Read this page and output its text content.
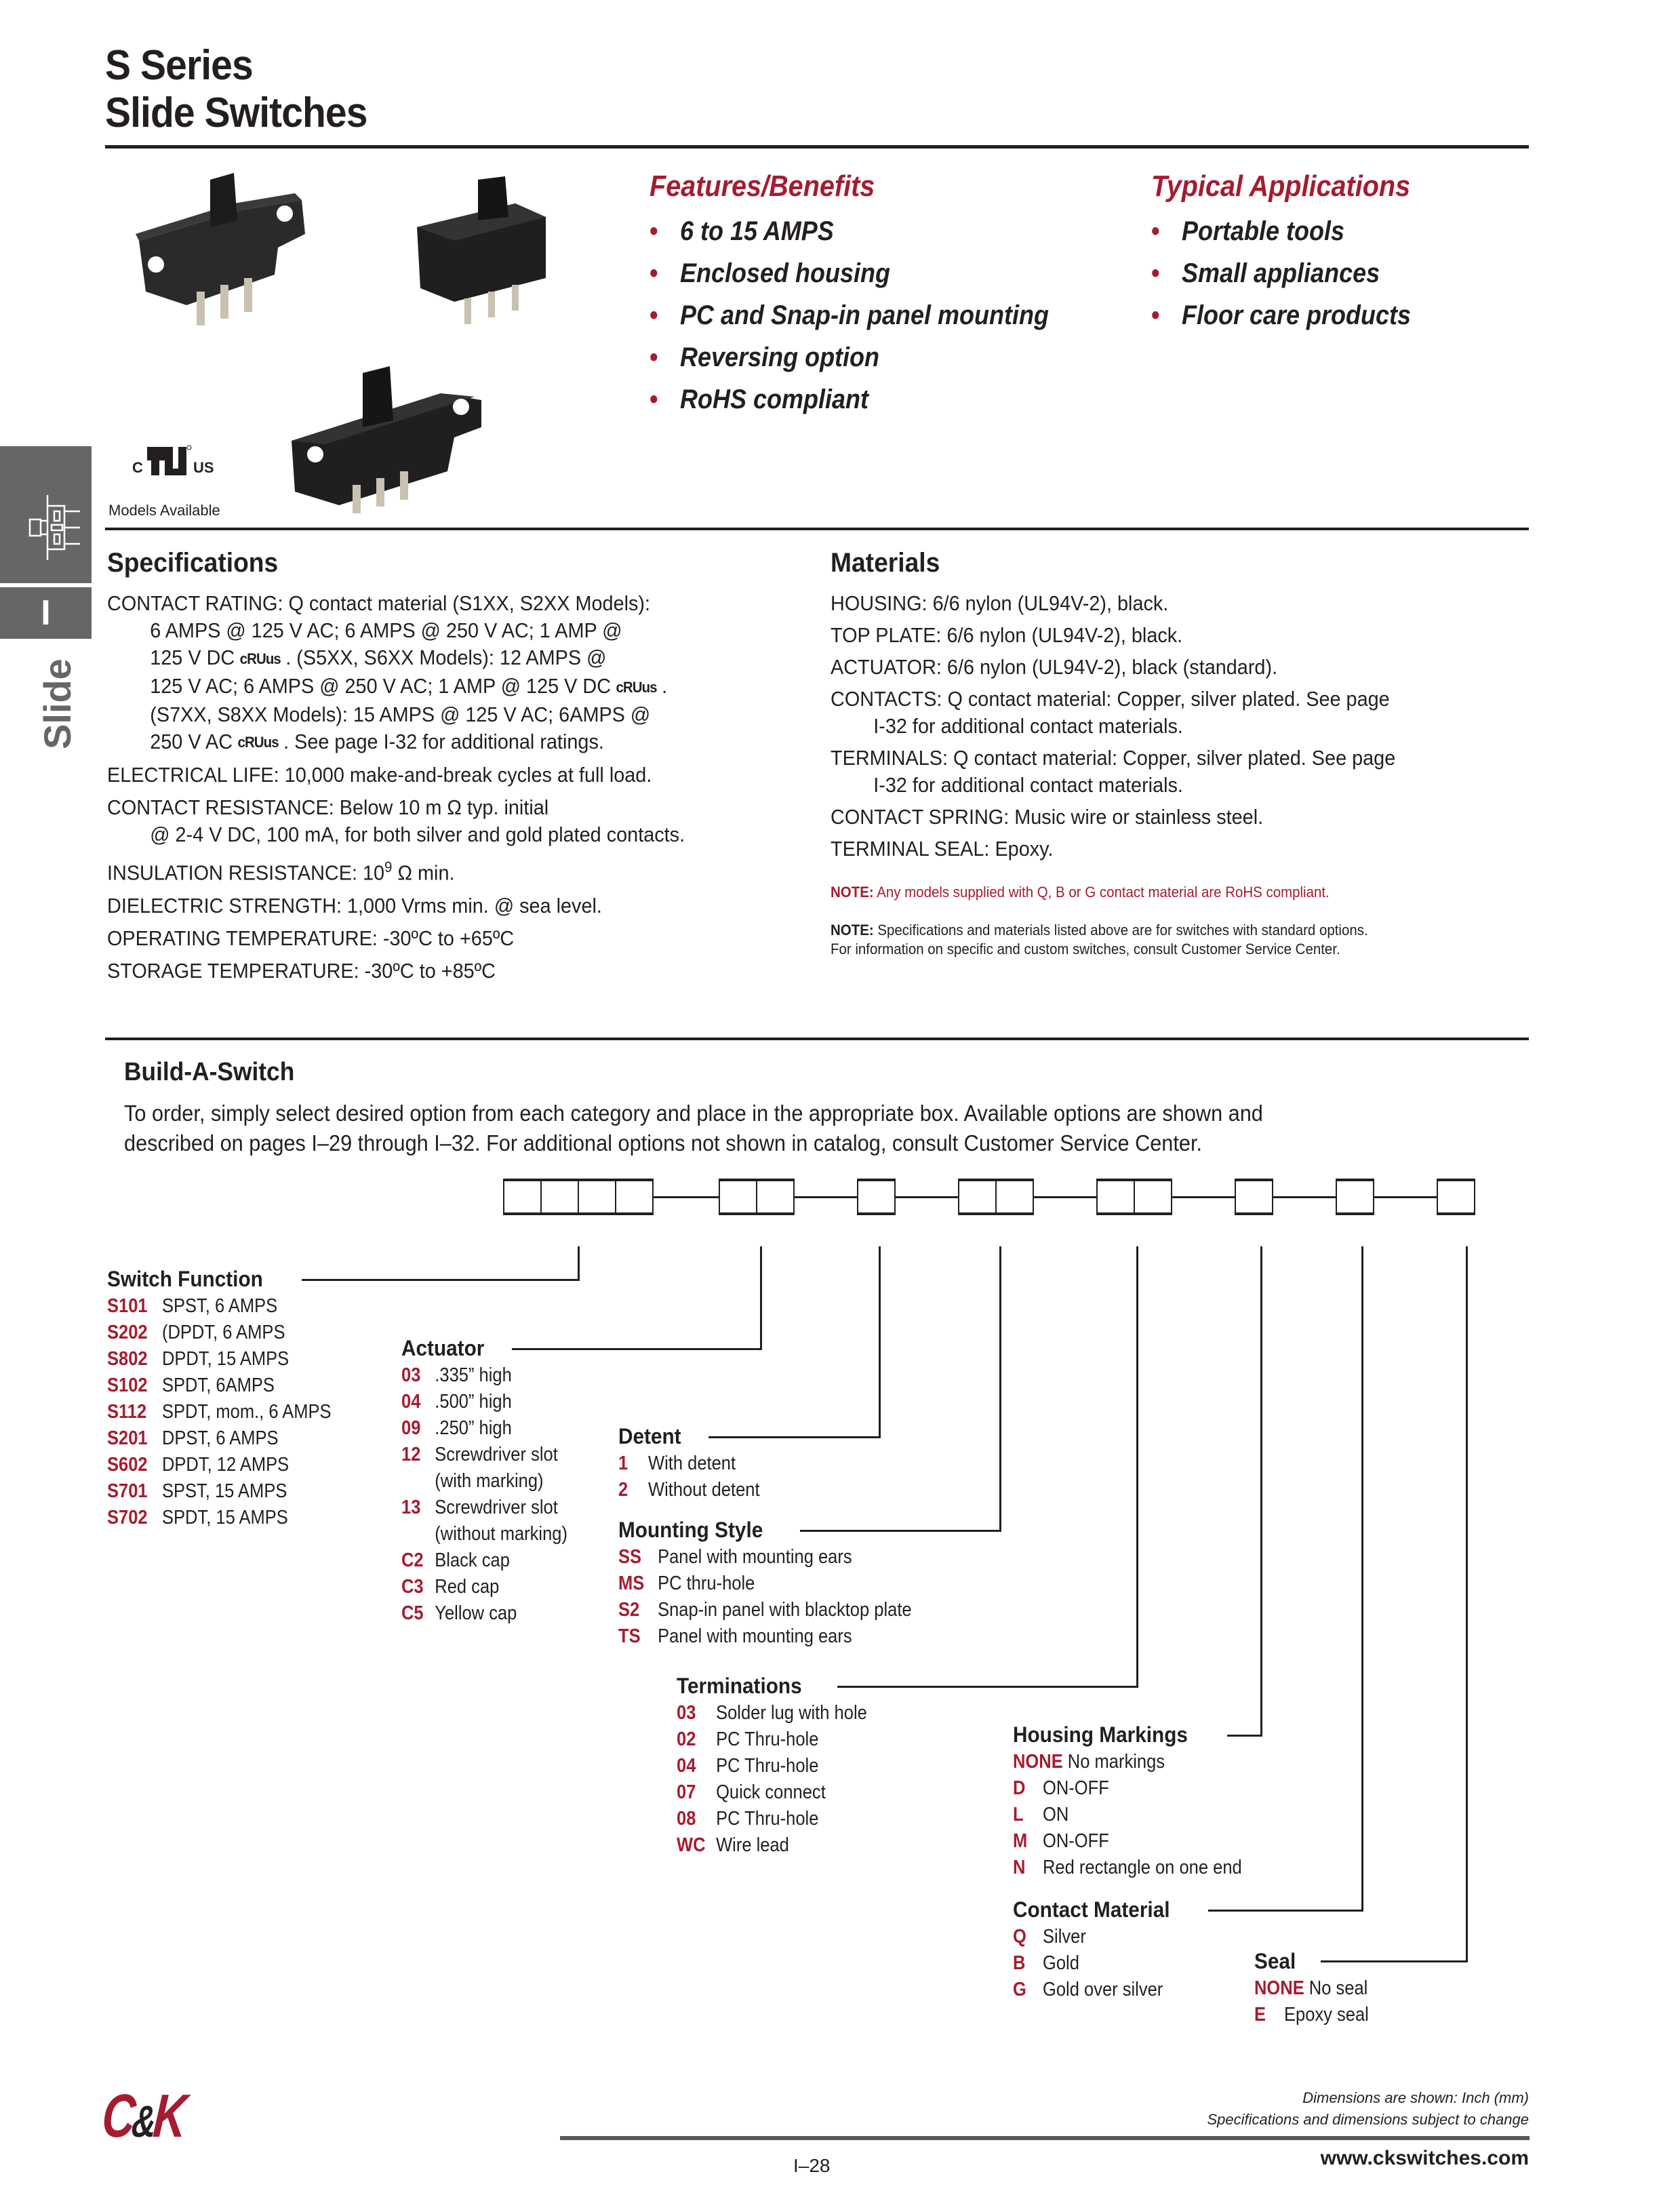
S Series
Slide Switches
C	US
Models Available
Features/Benefits
• 6 to 15 AMPS
• Enclosed housing
• PC and Snap-in panel mounting
• Reversing option
• RoHS compliant
Typical Applications
• Portable tools
• Small appliances
• Floor care products
I
Slide
Specifications
CONTACT RATING: Q contact material (S1XX, S2XX Models):
6 AMPS @ 125 V AC; 6 AMPS @ 250 V AC; 1 AMP @
125 V DC cRUus . (S5XX, S6XX Models): 12 AMPS @
125 V AC; 6 AMPS @ 250 V AC; 1 AMP @ 125 V DC cRUus .
(S7XX, S8XX Models): 15 AMPS @ 125 V AC; 6AMPS @
250 V AC cRUus . See page I-32 for additional ratings.
ELECTRICAL LIFE: 10,000 make-and-break cycles at full load.
CONTACT RESISTANCE: Below 10 m Ω typ. initial
@ 2-4 V DC, 100 mA, for both silver and gold plated contacts.
INSULATION RESISTANCE: $10^9$ Ω min.
DIELECTRIC STRENGTH: 1,000 Vrms min. @ sea level.
OPERATING TEMPERATURE: -30ºC to +65ºC
STORAGE TEMPERATURE: -30ºC to +85ºC
Materials
HOUSING: 6/6 nylon (UL94V-2), black.
TOP PLATE: 6/6 nylon (UL94V-2), black.
ACTUATOR: 6/6 nylon (UL94V-2), black (standard).
CONTACTS: Q contact material: Copper, silver plated. See page
I-32 for additional contact materials.
TERMINALS: Q contact material: Copper, silver plated. See page
I-32 for additional contact materials.
CONTACT SPRING: Music wire or stainless steel.
TERMINAL SEAL: Epoxy.
NOTE: Any models supplied with Q, B or G contact material are RoHS compliant.
NOTE: Specifications and materials listed above are for switches with standard options.
For information on specific and custom switches, consult Customer Service Center.
Build-A-Switch
To order, simply select desired option from each category and place in the appropriate box. Available options are shown and
described on pages I–29 through I–32. For additional options not shown in catalog, consult Customer Service Center.
Switch Function
S101 SPST, 6 AMPS
S202 (DPDT, 6 AMPS
S802 DPDT, 15 AMPS
S102 SPDT, 6AMPS
S112 SPDT, mom., 6 AMPS
S201 DPST, 6 AMPS
S602 DPDT, 12 AMPS
S701 SPST, 15 AMPS
S702 SPDT, 15 AMPS
Actuator
03 .335” high
04 .500” high
09 .250” high
12 Screwdriver slot
(with marking)
13 Screwdriver slot
(without marking)
C2 Black cap
C3 Red cap
C5 Yellow cap
Detent
1 With detent
2 Without detent
Mounting Style
SS Panel with mounting ears
MS PC thru-hole
S2 Snap-in panel with blacktop plate
TS Panel with mounting ears
Terminations
03 Solder lug with hole
02 PC Thru-hole
04 PC Thru-hole
07 Quick connect
08 PC Thru-hole
WC Wire lead
Housing Markings
NONE No markings
D ON-OFF
L ON
M ON-OFF
N Red rectangle on one end
Contact Material
Q Silver
B Gold
G Gold over silver
Seal
NONE No seal
E Epoxy seal
C&K	Dimensions are shown: Inch (mm)
Specifications and dimensions subject to change
I–28	www.ckswitches.com
